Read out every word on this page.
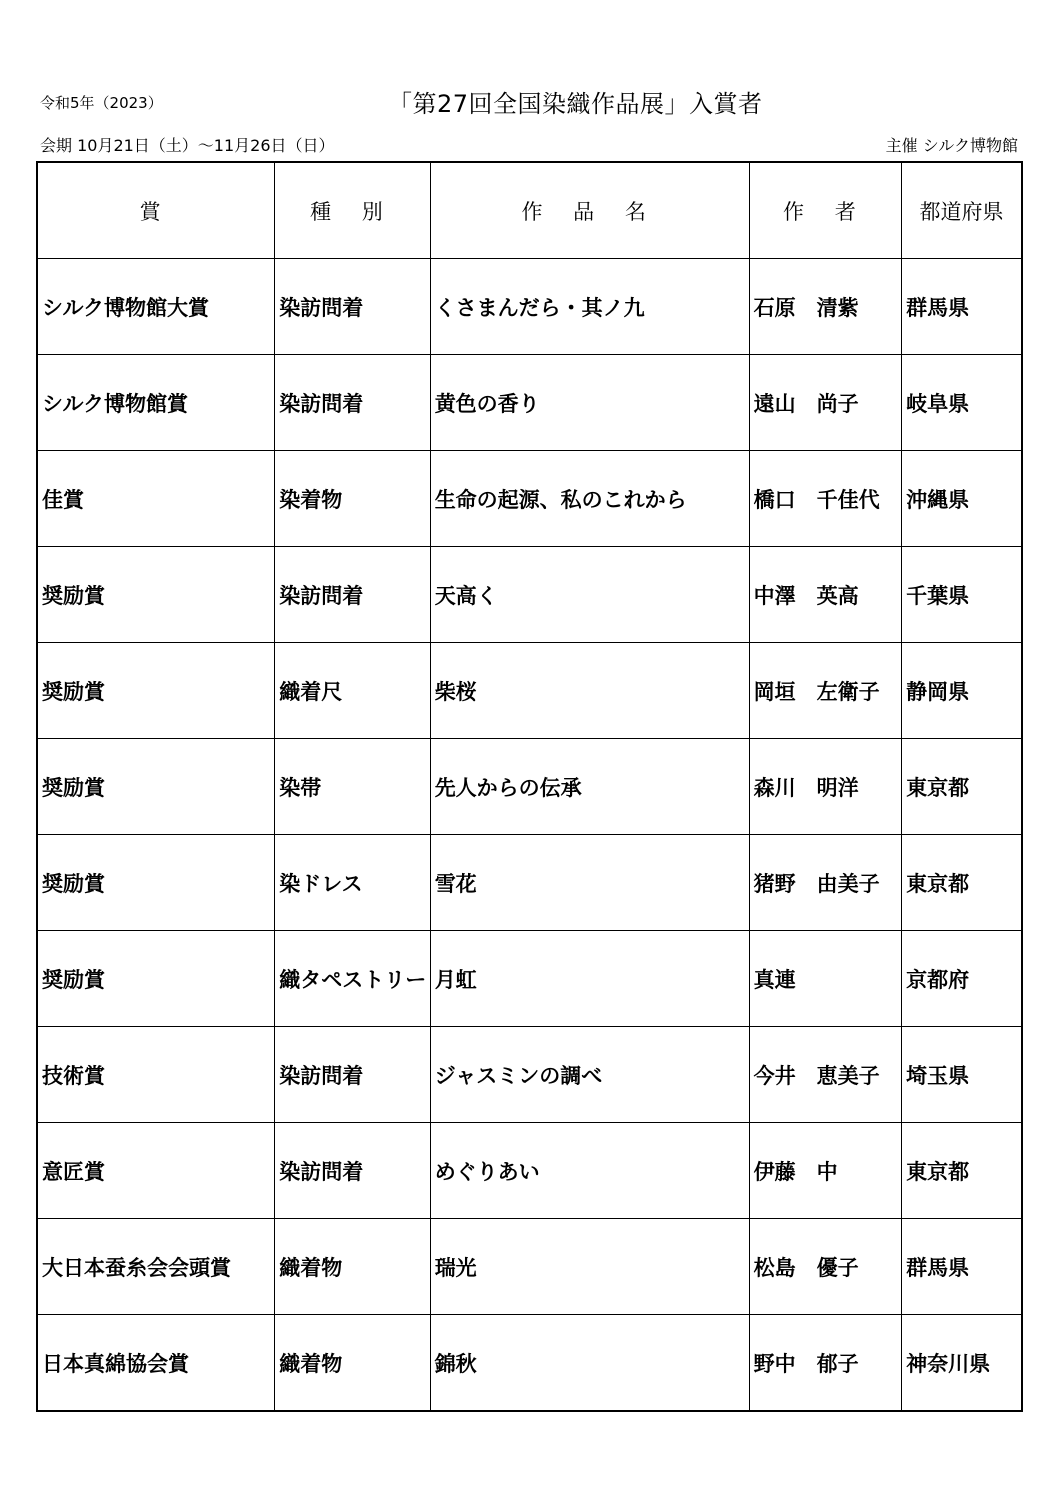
令和5年（2023）	「第27回全国染織作品展」入賞者
会期 10月21日（土）～11月26日（日）	主催 シルク博物館
賞	種 別	作 品 名	作 者	都道府県
シルク博物館大賞	染訪問着	くさまんだら・其ノ九	石原　清紫	群馬県
シルク博物館賞	染訪問着	黄色の香り	遠山　尚子	岐阜県
佳賞	染着物	生命の起源、私のこれから	橋口　千佳代	沖縄県
奨励賞	染訪問着	天高く	中澤　英高	千葉県
奨励賞	織着尺	柴桜	岡垣　左衛子	静岡県
奨励賞	染帯	先人からの伝承	森川　明洋	東京都
奨励賞	染ドレス	雪花	猪野　由美子	東京都
奨励賞	織タペストリー	月虹	真連	京都府
技術賞	染訪問着	ジャスミンの調べ	今井　恵美子	埼玉県
意匠賞	染訪問着	めぐりあい	伊藤　中	東京都
大日本蚕糸会会頭賞	織着物	瑞光	松島　優子	群馬県
日本真綿協会賞	織着物	錦秋	野中　郁子	神奈川県
